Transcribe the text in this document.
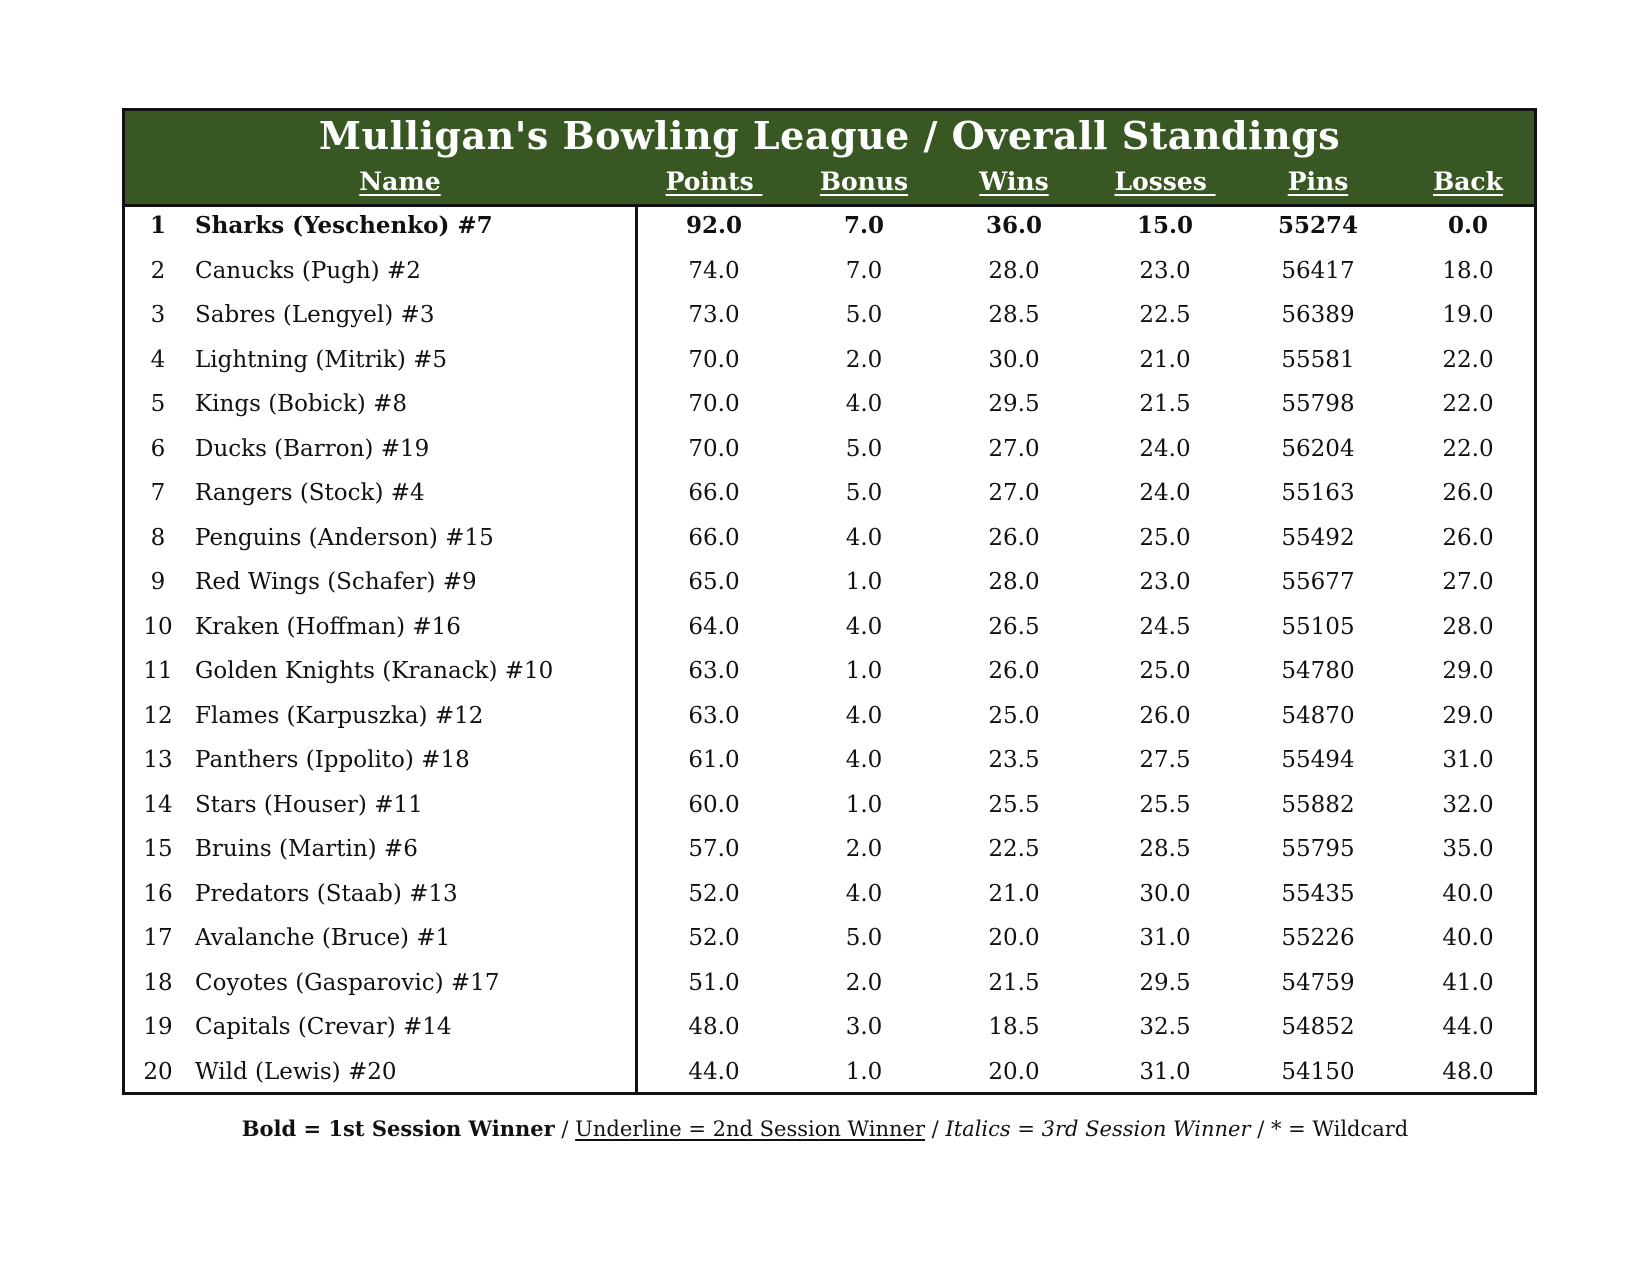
Mulligan's Bowling League / Overall Standings
Name	Points	Bonus	Wins	Losses	Pins	Back
1	Sharks (Yeschenko) #7	92.0	7.0	36.0	15.0	55274	0.0
2	Canucks (Pugh) #2	74.0	7.0	28.0	23.0	56417	18.0
3	Sabres (Lengyel) #3	73.0	5.0	28.5	22.5	56389	19.0
4	Lightning (Mitrik) #5	70.0	2.0	30.0	21.0	55581	22.0
5	Kings (Bobick) #8	70.0	4.0	29.5	21.5	55798	22.0
6	Ducks (Barron) #19	70.0	5.0	27.0	24.0	56204	22.0
7	Rangers (Stock) #4	66.0	5.0	27.0	24.0	55163	26.0
8	Penguins (Anderson) #15	66.0	4.0	26.0	25.0	55492	26.0
9	Red Wings (Schafer) #9	65.0	1.0	28.0	23.0	55677	27.0
10 Kraken (Hoffman) #16	64.0	4.0	26.5	24.5	55105	28.0
11 Golden Knights (Kranack) #10	63.0	1.0	26.0	25.0	54780	29.0
12 Flames (Karpuszka) #12	63.0	4.0	25.0	26.0	54870	29.0
13 Panthers (Ippolito) #18	61.0	4.0	23.5	27.5	55494	31.0
14 Stars (Houser) #11	60.0	1.0	25.5	25.5	55882	32.0
15 Bruins (Martin) #6	57.0	2.0	22.5	28.5	55795	35.0
16 Predators (Staab) #13	52.0	4.0	21.0	30.0	55435	40.0
17 Avalanche (Bruce) #1	52.0	5.0	20.0	31.0	55226	40.0
18 Coyotes (Gasparovic) #17	51.0	2.0	21.5	29.5	54759	41.0
19 Capitals (Crevar) #14	48.0	3.0	18.5	32.5	54852	44.0
20 Wild (Lewis) #20	44.0	1.0	20.0	31.0	54150	48.0
Bold = 1st Session Winner / Underline = 2nd Session Winner / Italics = 3rd Session Winner / * = Wildcard
